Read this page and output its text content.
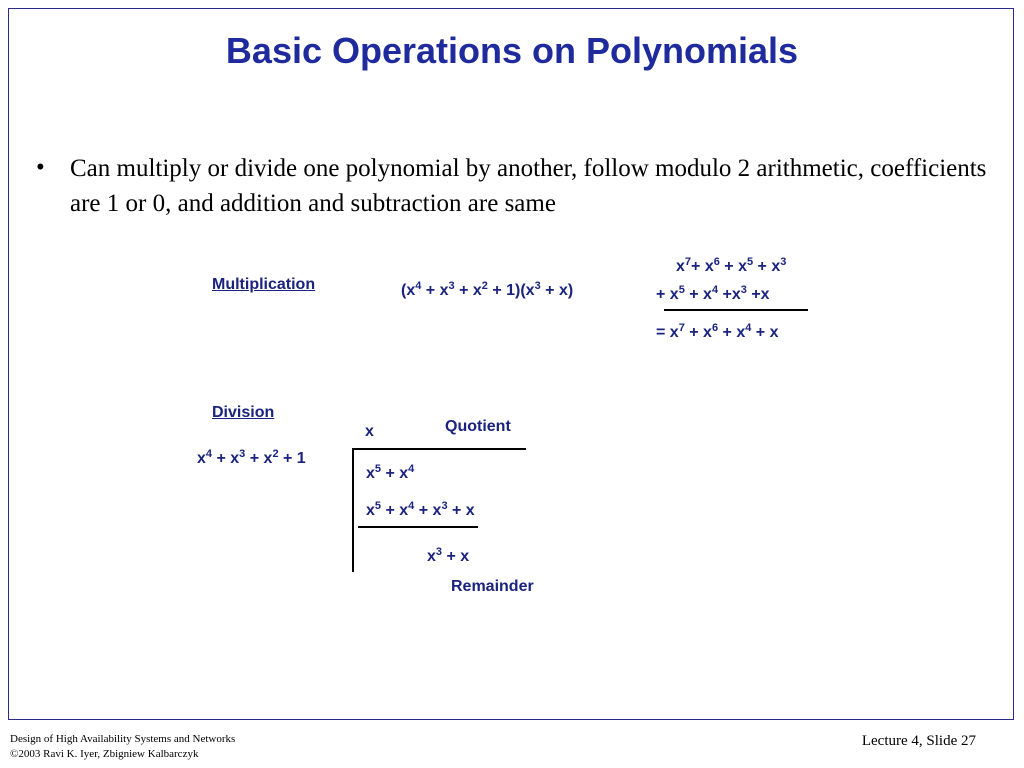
Basic Operations on Polynomials
• Can multiply or divide one polynomial by another, follow modulo 2 arithmetic, coefficients are 1 or 0, and addition and subtraction are same
Multiplication	$(x^4 + x^3 + x^2 + 1)(x^3 + x)$
$x^7+ x^6 + x^5 + x^3$
+ $x^5 + x^4 +x^3 +x$
= $x^7 + x^6 + x^4 + x$
Division
x	Quotient
$x^4 + x^3 + x^2 + 1$
$x^5 + x^4$
$x^5 + x^4 + x^3 + x$
$x^3 + x$
Remainder
Design of High Availability Systems and Networks
©2003 Ravi K. Iyer, Zbigniew Kalbarczyk
Lecture 4, Slide 27
